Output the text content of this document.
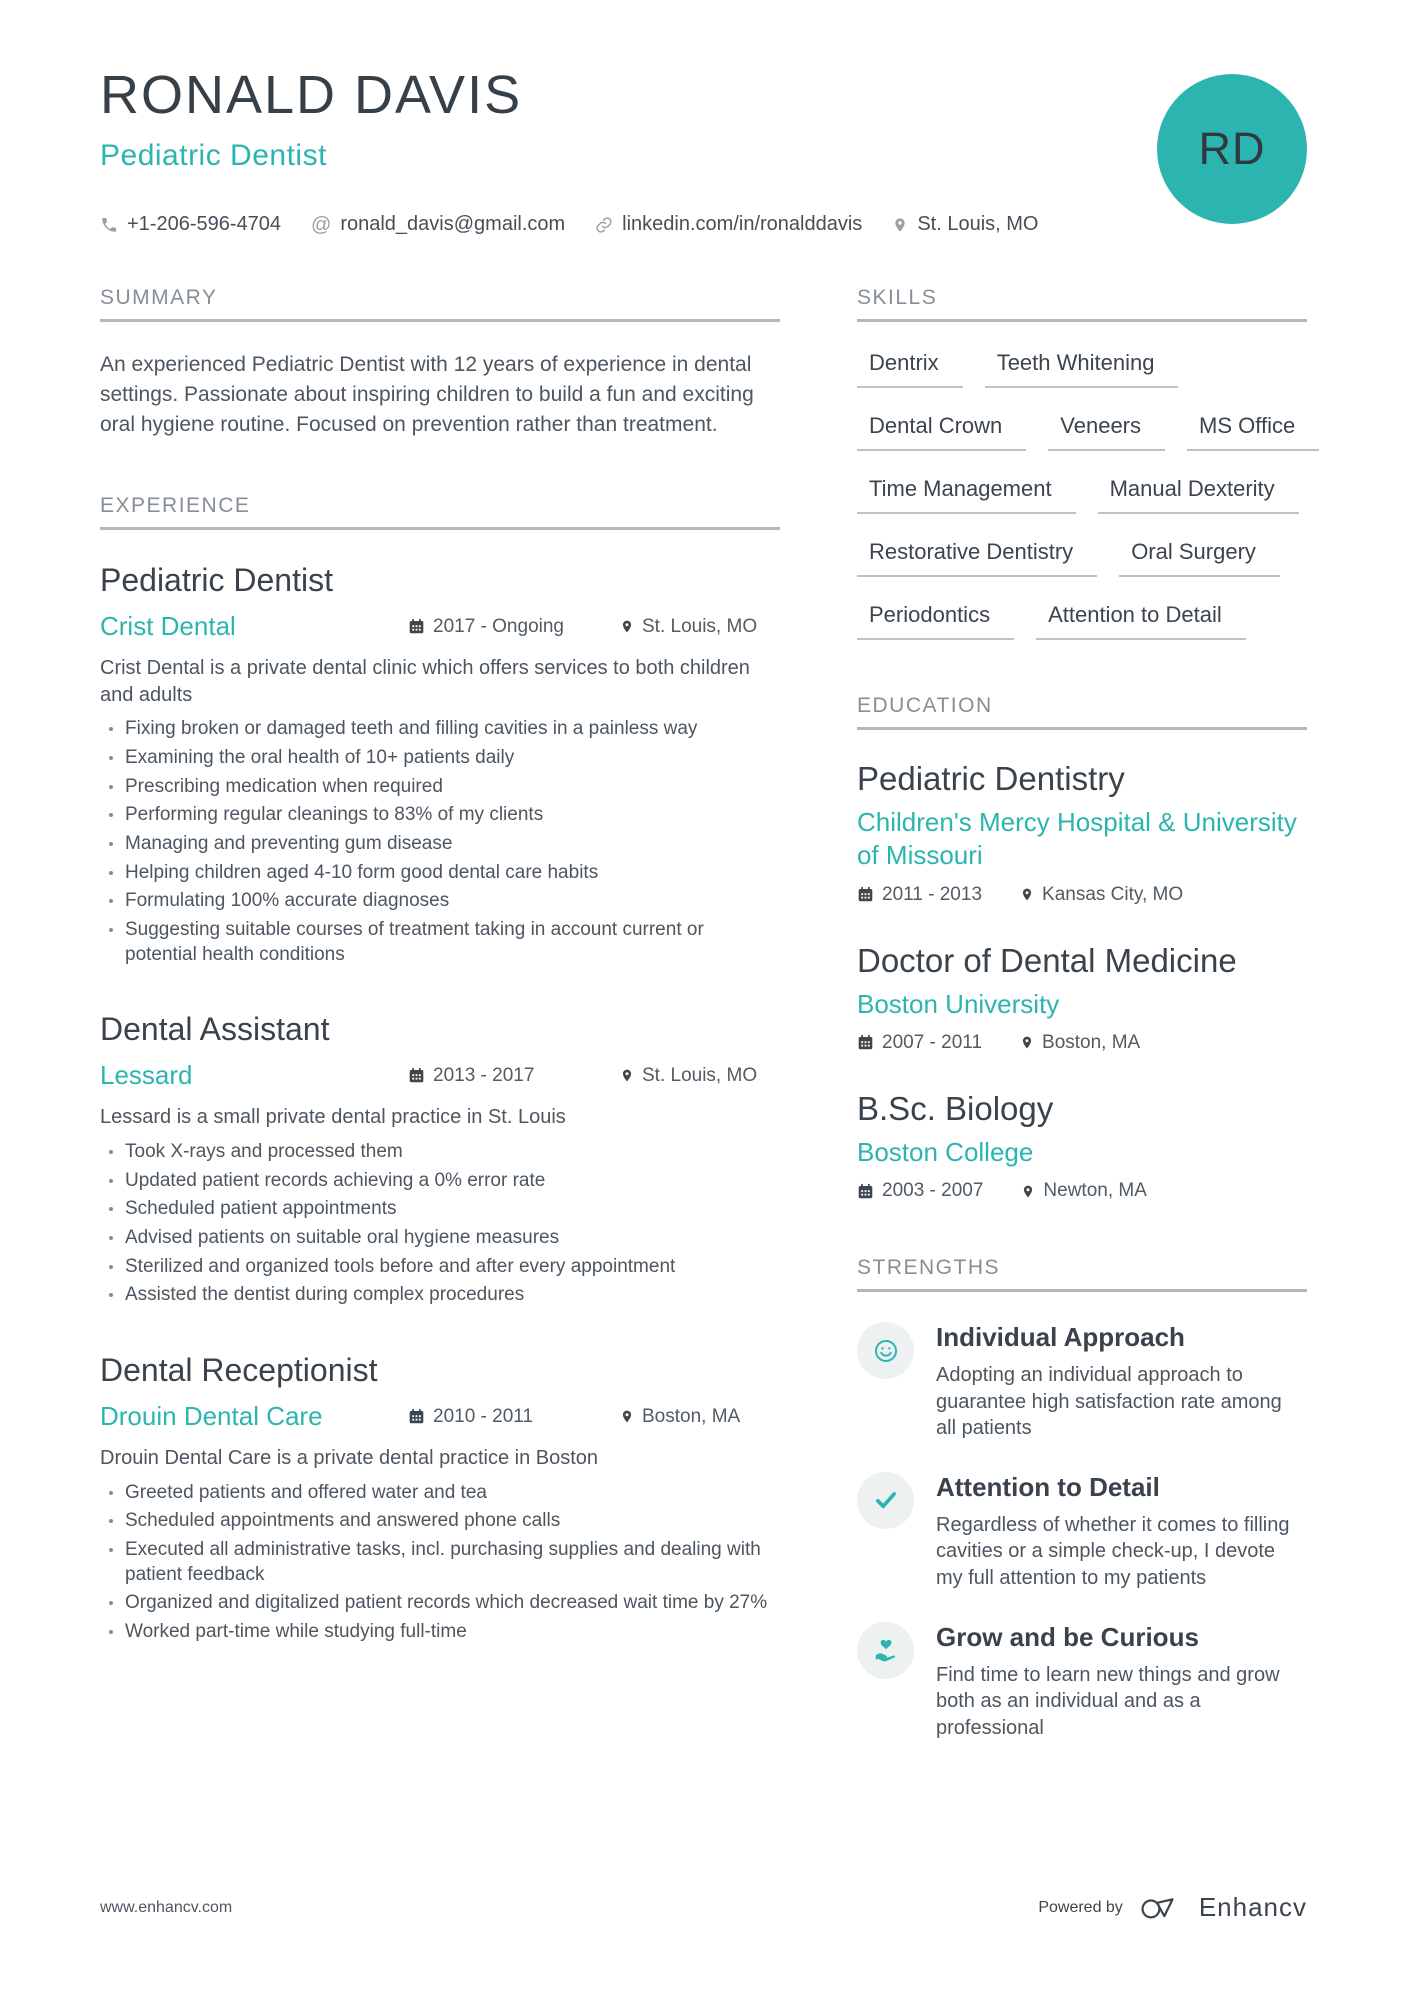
RONALD DAVIS
Pediatric Dentist
+1-206-596-4704 @ ronald_davis@gmail.com	linkedin.com/in/ronalddavis	St. Louis, MO
RD
SUMMARY

An experienced Pediatric Dentist with 12 years of experience in dental settings. Passionate about inspiring children to build a fun and exciting oral hygiene routine. Focused on prevention rather than treatment.

EXPERIENCE
Pediatric Dentist
Crist Dental	2017 - Ongoing	St. Louis, MO

Crist Dental is a private dental clinic which offers services to both children and adults

Fixing broken or damaged teeth and filling cavities in a painless way
Examining the oral health of 10+ patients daily
Prescribing medication when required
Performing regular cleanings to 83% of my clients
Managing and preventing gum disease
Helping children aged 4-10 form good dental care habits
Formulating 100% accurate diagnoses
Suggesting suitable courses of treatment taking in account current or potential health conditions
Dental Assistant
Lessard	2013 - 2017	St. Louis, MO

Lessard is a small private dental practice in St. Louis

Took X-rays and processed them
Updated patient records achieving a 0% error rate
Scheduled patient appointments
Advised patients on suitable oral hygiene measures
Sterilized and organized tools before and after every appointment
Assisted the dentist during complex procedures
Dental Receptionist
Drouin Dental Care	2010 - 2011	Boston, MA

Drouin Dental Care is a private dental practice in Boston

Greeted patients and offered water and tea
Scheduled appointments and answered phone calls
Executed all administrative tasks, incl. purchasing supplies and dealing with patient feedback
Organized and digitalized patient records which decreased wait time by 27%
Worked part-time while studying full-time
SKILLS
Dentrix	Teeth Whitening
Dental Crown	Veneers	MS Office
Time Management	Manual Dexterity
Restorative Dentistry	Oral Surgery
Periodontics	Attention to Detail
EDUCATION
Pediatric Dentistry
Children's Mercy Hospital & University of Missouri
2011 - 2013	Kansas City, MO
Doctor of Dental Medicine
Boston University
2007 - 2011	Boston, MA
B.Sc. Biology
Boston College
2003 - 2007	Newton, MA
STRENGTHS
Individual Approach

Adopting an individual approach to guarantee high satisfaction rate among all patients

Attention to Detail

Regardless of whether it comes to filling cavities or a simple check-up, I devote my full attention to my patients

Grow and be Curious

Find time to learn new things and grow both as an individual and as a professional

www.enhancv.com	Powered by	Enhancv
